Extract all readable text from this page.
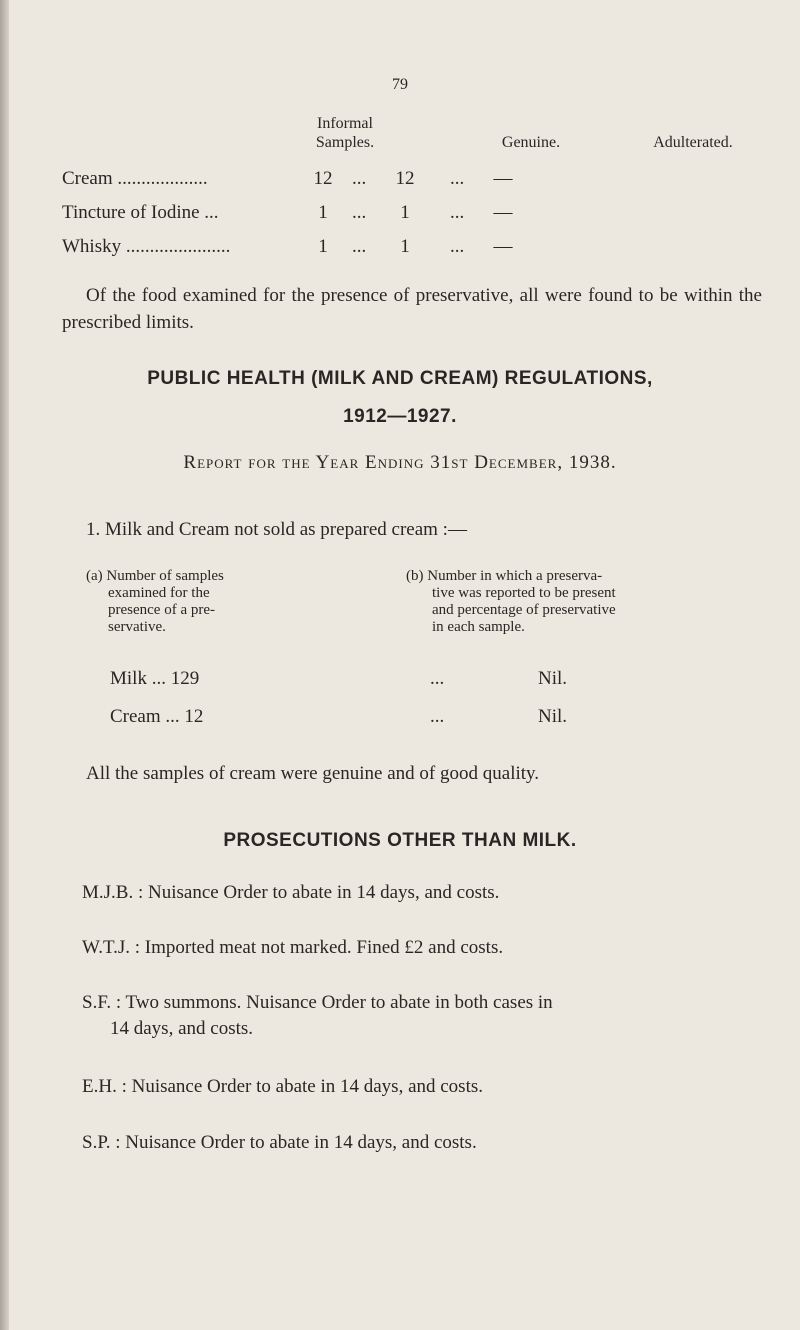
79
Informal
Samples.	Genuine.	Adulterated.
Cream ...................	12 ... 12 ... —
Tincture of Iodine ...	1	...	1	... —
Whisky ......................	1	...	1	... —
Of the food examined for the presence of preservative, all were found to be within the prescribed limits.
PUBLIC HEALTH (MILK AND CREAM) REGULATIONS,
1912—1927.
Report for the Year Ending 31st December, 1938.
1. Milk and Cream not sold as prepared cream :—
(a) Number of samples
examined for the
presence of a pre-
servative.
(b) Number in which a preserva-
tive was reported to be present
and percentage of preservative
in each sample.
Milk ... 129	...	Nil.
Cream ... 12	...	Nil.
All the samples of cream were genuine and of good quality.
PROSECUTIONS OTHER THAN MILK.
M.J.B. : Nuisance Order to abate in 14 days, and costs.
W.T.J. : Imported meat not marked. Fined £2 and costs.
S.F. : Two summons. Nuisance Order to abate in both cases in
14 days, and costs.
E.H. : Nuisance Order to abate in 14 days, and costs.
S.P. : Nuisance Order to abate in 14 days, and costs.
